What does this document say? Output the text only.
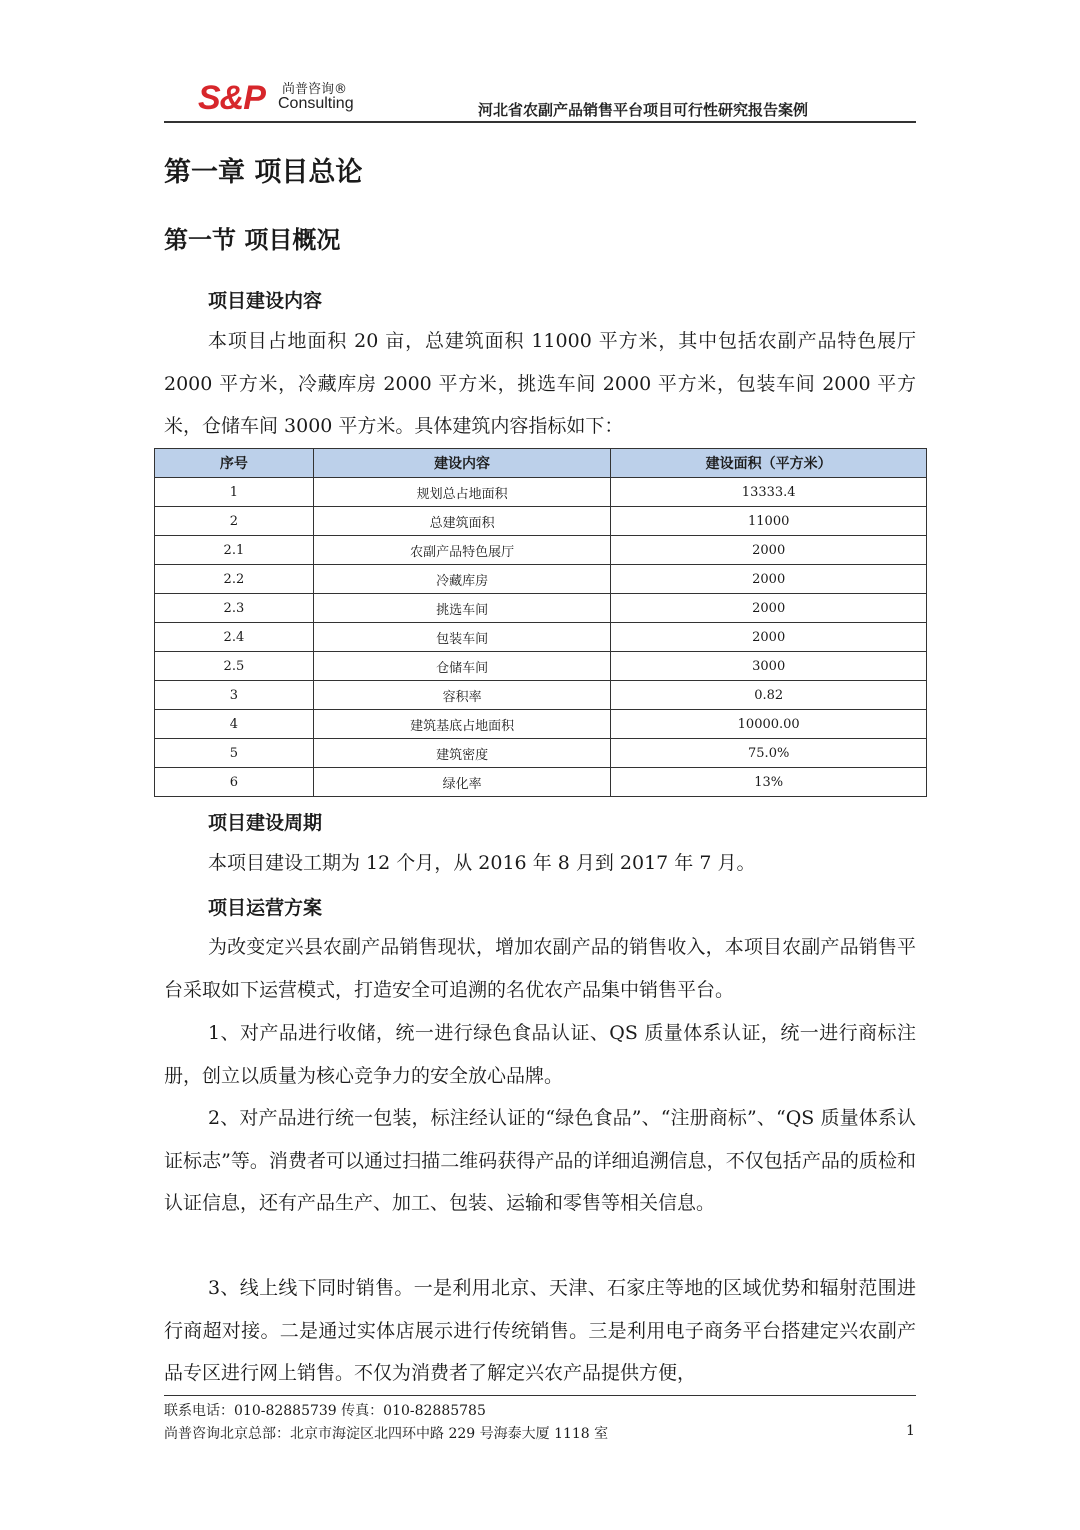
S&P 尚普咨询®
Consulting	河北省农副产品销售平台项目可行性研究报告案例
第一章 项目总论
第一节 项目概况
项目建设内容
本项目占地面积 20 亩，总建筑面积 11000 平方米，其中包括农副产品特色展厅 2000 平方米，冷藏库房 2000 平方米，挑选车间 2000 平方米，包装车间 2000 平方米，仓储车间 3000 平方米。具体建筑内容指标如下：
序号	建设内容	建设面积（平方米）
1	规划总占地面积	13333.4
2	总建筑面积	11000
2.1	农副产品特色展厅	2000
2.2	冷藏库房	2000
2.3	挑选车间	2000
2.4	包装车间	2000
2.5	仓储车间	3000
3	容积率	0.82
4	建筑基底占地面积	10000.00
5	建筑密度	75.0%
6	绿化率	13%
项目建设周期
本项目建设工期为 12 个月，从 2016 年 8 月到 2017 年 7 月。
项目运营方案
为改变定兴县农副产品销售现状，增加农副产品的销售收入，本项目农副产品销售平台采取如下运营模式，打造安全可追溯的名优农产品集中销售平台。
1、对产品进行收储，统一进行绿色食品认证、QS 质量体系认证，统一进行商标注册，创立以质量为核心竞争力的安全放心品牌。
2、对产品进行统一包装，标注经认证的“绿色食品”、“注册商标”、“QS 质量体系认证标志”等。消费者可以通过扫描二维码获得产品的详细追溯信息，不仅包括产品的质检和认证信息，还有产品生产、加工、包装、运输和零售等相关信息。
3、线上线下同时销售。一是利用北京、天津、石家庄等地的区域优势和辐射范围进行商超对接。二是通过实体店展示进行传统销售。三是利用电子商务平台搭建定兴农副产品专区进行网上销售。不仅为消费者了解定兴农产品提供方便，
联系电话：010-82885739 传真：010-82885785
尚普咨询北京总部：北京市海淀区北四环中路 229 号海泰大厦 1118 室	1
